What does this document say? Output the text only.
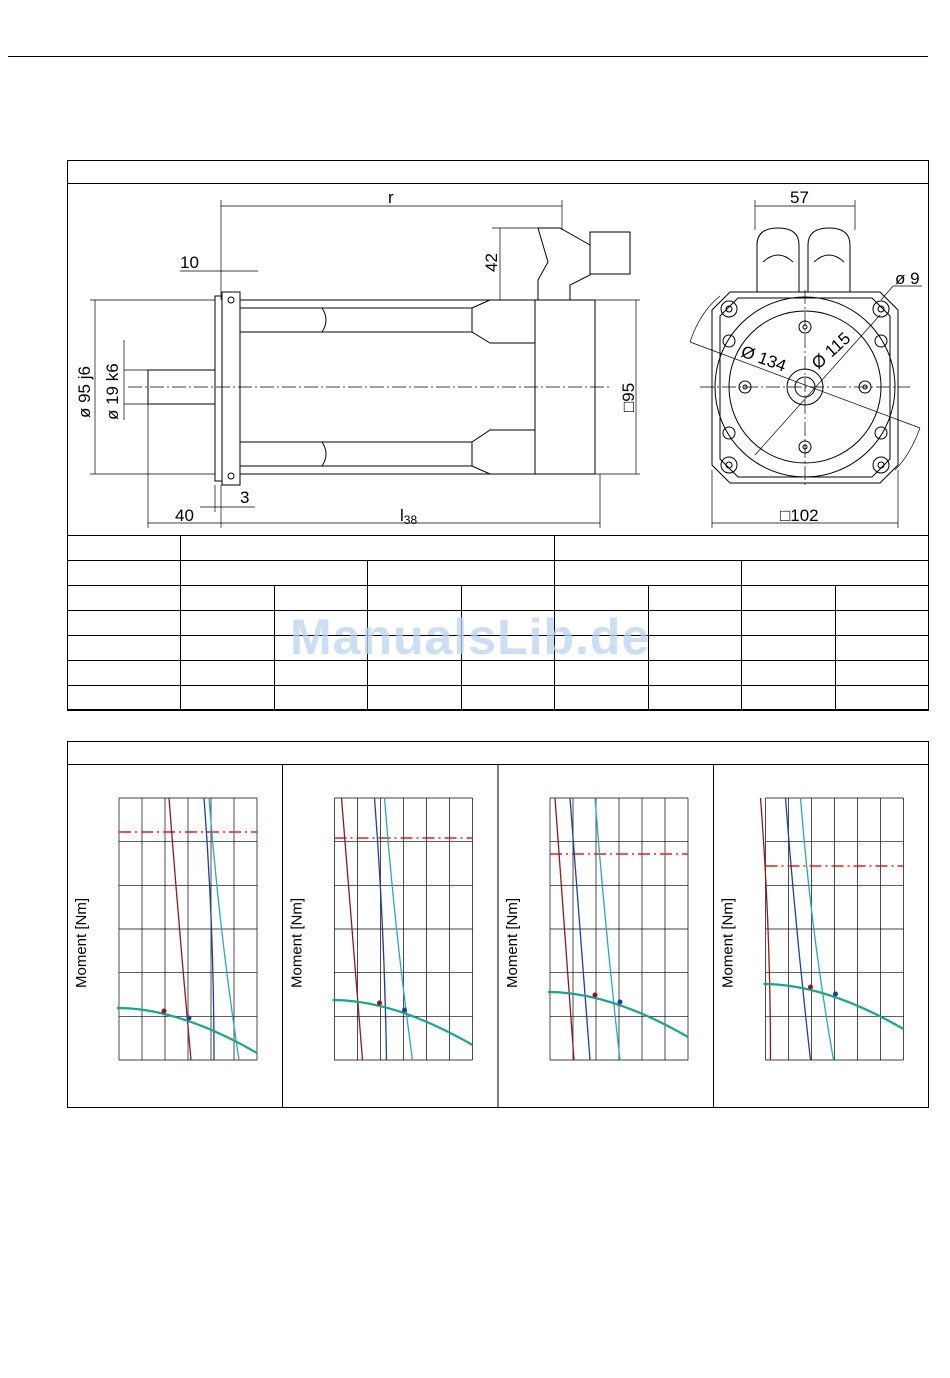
r
10	42
ø 95 j6 ø 19 k6	□95
40
3
l38
57
Ø 134 Ø 115
ø 9
□102

ManualsLib.de
Moment [Nm]	Moment [Nm]	Moment [Nm]	Moment [Nm]
